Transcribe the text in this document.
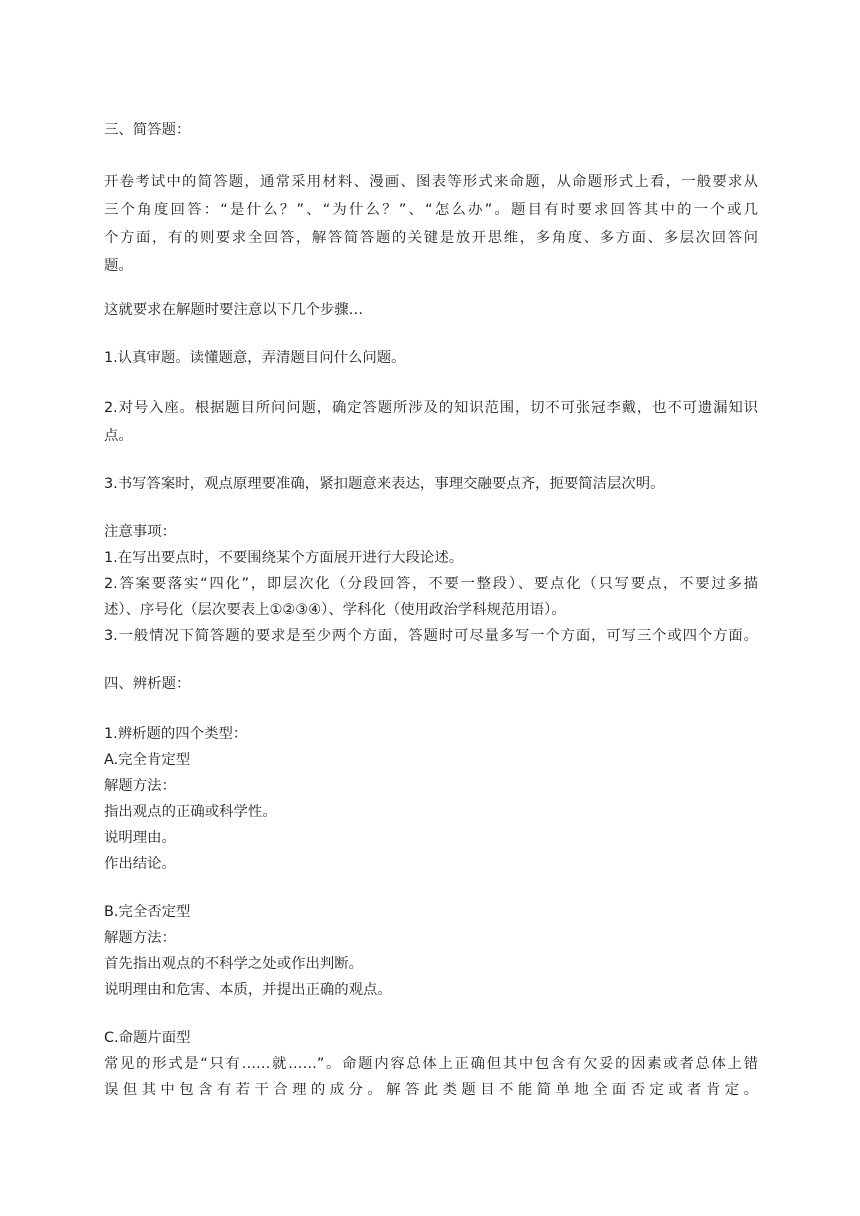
三、简答题：
开卷考试中的简答题，通常采用材料、漫画、图表等形式来命题，从命题形式上看，一般要求从
三个角度回答：“是什么？”、“为什么？”、“怎么办”。题目有时要求回答其中的一个或几
个方面，有的则要求全回答，解答简答题的关键是放开思维，多角度、多方面、多层次回答问
题。
这就要求在解题时要注意以下几个步骤…
1.认真审题。读懂题意，弄清题目问什么问题。
2.对号入座。根据题目所问问题，确定答题所涉及的知识范围，切不可张冠李戴，也不可遗漏知识
点。
3.书写答案时，观点原理要准确，紧扣题意来表达，事理交融要点齐，扼要简洁层次明。
注意事项：
1.在写出要点时，不要围绕某个方面展开进行大段论述。
2.答案要落实“四化”，即层次化（分段回答，不要一整段）、要点化（只写要点，不要过多描
述）、序号化（层次要表上①②③④）、学科化（使用政治学科规范用语）。
3.一般情况下简答题的要求是至少两个方面，答题时可尽量多写一个方面，可写三个或四个方面。
四、辨析题：
1.辨析题的四个类型：
A.完全肯定型
解题方法：
指出观点的正确或科学性。
说明理由。
作出结论。
B.完全否定型
解题方法：
首先指出观点的不科学之处或作出判断。
说明理由和危害、本质，并提出正确的观点。
C.命题片面型
常见的形式是“只有……就……”。命题内容总体上正确但其中包含有欠妥的因素或者总体上错
误但其中包含有若干合理的成分。解答此类题目不能简单地全面否定或者肯定。
